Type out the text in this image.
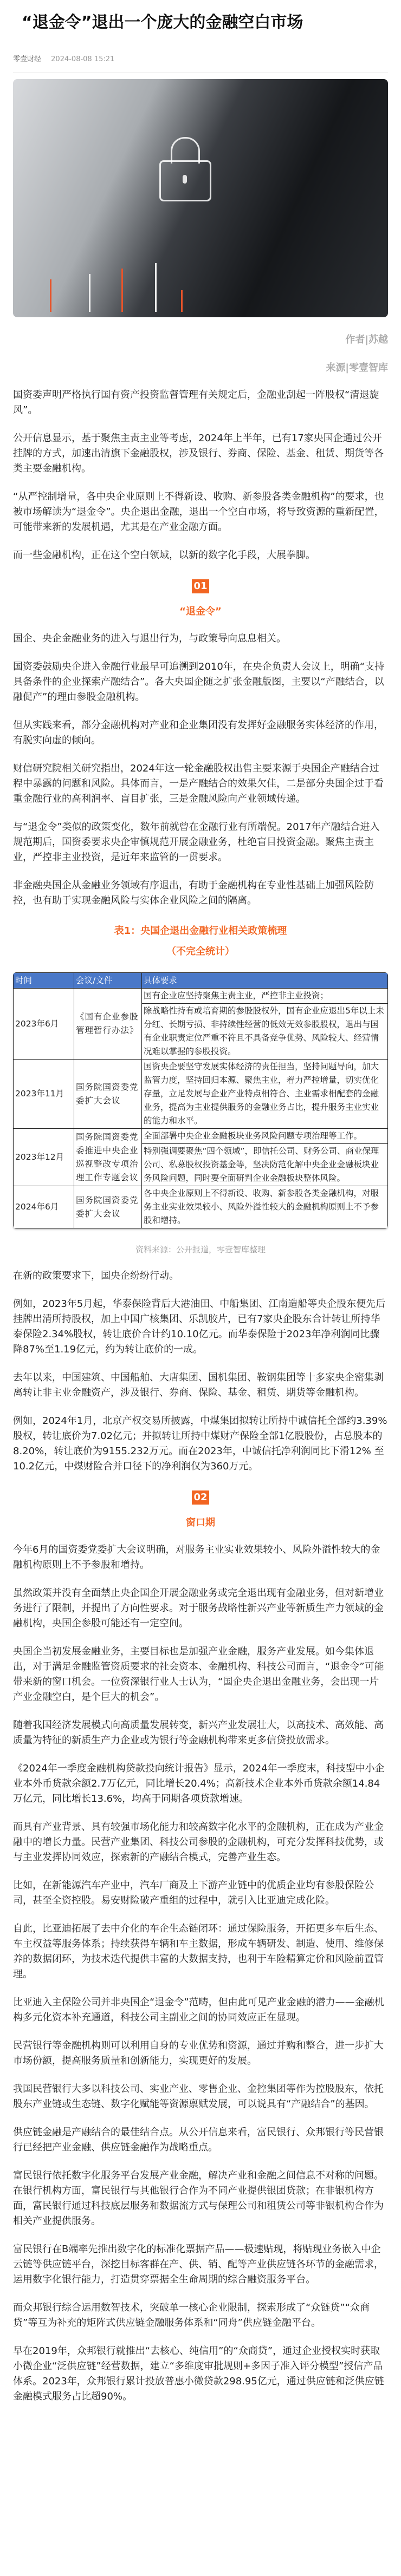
“退金令”退出一个庞大的金融空白市场
零壹财经 2024-08-08 15:21
作者|苏越
来源|零壹智库

国资委声明严格执行国有资产投资监督管理有关规定后，金融业刮起一阵股权“清退旋风”。

公开信息显示，基于聚焦主责主业等考虑，2024年上半年，已有17家央国企通过公开挂牌的方式，加速出清旗下金融股权，涉及银行、券商、保险、基金、租赁、期货等各类主要金融机构。

“从严控制增量，各中央企业原则上不得新设、收购、新参股各类金融机构”的要求，也被市场解读为“退金令”。央企退出金融，退出一个空白市场，将导致资源的重新配置，可能带来新的发展机遇，尤其是在产业金融方面。

而一些金融机构，正在这个空白领域，以新的数字化手段，大展拳脚。

01
“退金令”

国企、央企金融业务的进入与退出行为，与政策导向息息相关。

国资委鼓励央企进入金融行业最早可追溯到2010年，在央企负责人会议上，明确“支持具备条件的企业探索产融结合”。各大央国企随之扩张金融版图，主要以“产融结合，以融促产”的理由参股金融机构。

但从实践来看，部分金融机构对产业和企业集团没有发挥好金融服务实体经济的作用，有脱实向虚的倾向。

财信研究院相关研究指出，2024年这一轮金融股权出售主要来源于央国企产融结合过程中暴露的问题和风险。具体而言，一是产融结合的效果欠佳，二是部分央国企过于看重金融行业的高利润率、盲目扩张，三是金融风险向产业领域传递。

与“退金令”类似的政策变化，数年前就曾在金融行业有所端倪。2017年产融结合进入规范期后，国资委要求央企审慎规范开展金融业务，杜绝盲目投资金融。聚焦主责主业，严控非主业投资，是近年来监管的一贯要求。

非金融央国企从金融业务领域有序退出，有助于金融机构在专业性基础上加强风险防控，也有助于实现金融风险与实体企业风险之间的隔离。

表1：央国企退出金融行业相关政策梳理
（不完全统计）
时间	会议/文件	具体要求
2023年6月	《国有企业参股管理暂行办法》	国有企业应坚持聚焦主责主业，严控非主业投资；
		除战略性持有或培育期的参股股权外，国有企业应退出5年以上未分红、长期亏损、非持续性经营的低效无效参股股权，退出与国有企业职责定位严重不符且不具备竞争优势、风险较大、经营情况难以掌握的参股投资。
2023年11月	国务院国资委党委扩大会议	国资央企要坚守发展实体经济的责任担当，坚持问题导向，加大监管力度，坚持回归本源、聚焦主业，着力严控增量，切实优化存量，立足发展与企业产业特点相符合、主业需求相配套的金融业务，提高为主业提供服务的金融业务占比，提升服务主业实业的能力和水平。
2023年12月	国务院国资委党委推进中央企业巡视整改专项治理工作专题会议	全面部署中央企业金融板块业务风险问题专项治理等工作。
		特别强调要聚焦“四个领域”，即信托公司、财务公司、商业保理公司、私募股权投资基金等，坚决防范化解中央企业金融板块业务风险问题，同时要全面研判企业金融板块整体风险。
2024年6月	国务院国资委党委扩大会议	各中央企业原则上不得新设、收购、新参股各类金融机构，对服务主业实业效果较小、风险外溢性较大的金融机构原则上不予参股和增持。
资料来源：公开报道，零壹智库整理

在新的政策要求下，国央企纷纷行动。

例如，2023年5月起，华泰保险背后大港油田、中船集团、江南造船等央企股东便先后挂牌出清所持股权，加上中国广核集团、乐凯胶片，已有7家央企股东合计转让所持华泰保险2.34%股权，转让底价合计约10.10亿元。而华泰保险于2023年净利润同比骤降87%至1.19亿元，约为转让底价的一成。

去年以来，中国建筑、中国船舶、大唐集团、国机集团、鞍钢集团等十多家央企密集剥离转让非主业金融资产，涉及银行、券商、保险、基金、租赁、期货等金融机构。

例如，2024年1月，北京产权交易所披露，中煤集团拟转让所持中诚信托全部约3.39%股权，转让底价为7.02亿元；并拟转让所持中煤财产保险全部1亿股股份，占总股本的8.20%，转让底价为9155.232万元。而在2023年，中诚信托净利润同比下滑12% 至10.2亿元，中煤财险合并口径下的净利润仅为360万元。

02
窗口期

今年6月的国资委党委扩大会议明确，对服务主业实业效果较小、风险外溢性较大的金融机构原则上不予参股和增持。

虽然政策并没有全面禁止央企国企开展金融业务或完全退出现有金融业务，但对新增业务进行了限制，并提出了方向性要求。对于服务战略性新兴产业等新质生产力领域的金融机构，央国企参股可能还有一定空间。

央国企当初发展金融业务，主要目标也是加强产业金融，服务产业发展。如今集体退出，对于满足金融监管资质要求的社会资本、金融机构、科技公司而言，“退金令”可能带来新的窗口机会。一位资深银行业人士认为，“国企央企退出金融业务，会出现一片产业金融空白，是个巨大的机会”。

随着我国经济发展模式向高质量发展转变，新兴产业发展壮大，以高技术、高效能、高质量为特征的新质生产力企业或为银行等金融机构带来更多信贷投放需求。

《2024年一季度金融机构贷款投向统计报告》显示，2024年一季度末，科技型中小企业本外币贷款余额2.7万亿元，同比增长20.4%；高新技术企业本外币贷款余额14.84万亿元，同比增长13.6%，均高于同期各项贷款增速。

而具有产业背景、具有较强市场化能力和较高数字化水平的金融机构，正在成为产业金融中的增长力量。民营产业集团、科技公司参股的金融机构，可充分发挥科技优势，或与主业发挥协同效应，探索新的产融结合模式，完善产业生态。

比如，在新能源汽车产业中，汽车厂商及上下游产业链中的优质企业均有参股保险公司，甚至全资控股。易安财险破产重组的过程中，就引入比亚迪完成化险。

自此，比亚迪拓展了去中介化的车企生态链闭环：通过保险服务，开拓更多车后生态、车主权益等服务体系；持续获得车辆和车主数据，形成车辆研发、制造、使用、维修保养的数据闭环，为技术迭代提供丰富的大数据支持，也利于车险精算定价和风险前置管理。

比亚迪入主保险公司并非央国企“退金令”范畴，但由此可见产业金融的潜力——金融机构多元化资本补充通道，科技公司主副业之间的协同效应正在显现。

民营银行等金融机构则可以利用自身的专业优势和资源，通过并购和整合，进一步扩大市场份额，提高服务质量和创新能力，实现更好的发展。

我国民营银行大多以科技公司、实业产业、零售企业、金控集团等作为控股股东，依托股东产业链或生态链、数字化赋能等资源禀赋发展，可以说具有“产融结合”的基因。

供应链金融是产融结合的最佳结合点。从公开信息来看，富民银行、众邦银行等民营银行已经把产业金融、供应链金融作为战略重点。

富民银行依托数字化服务平台发展产业金融，解决产业和金融之间信息不对称的问题。在银行机构方面，富民银行与其他银行合作为不同产业提供银团贷款；在非银机构方面，富民银行通过科技底层服务和数据流方式与保理公司和租赁公司等非银机构合作为相关产业提供服务。

富民银行在B端率先推出数字化的标准化票据产品——极速贴现，将贴现业务嵌入中企云链等供应链平台，深挖目标客群在产、供、销、配等产业供应链各环节的金融需求，运用数字化银行能力，打造贯穿票据全生命周期的综合融资服务平台。

而众邦银行综合运用数智技术，突破单一核心企业限制，探索形成了“众链贷”“众商贷”等互为补充的矩阵式供应链金融服务体系和“同舟”供应链金融平台。

早在2019年，众邦银行就推出“去核心、纯信用”的“众商贷”，通过企业授权实时获取小微企业“泛供应链”经营数据，建立“多维度审批规则+多因子准入评分模型”授信产品体系。2023年，众邦银行累计投放普惠小微贷款298.95亿元，通过供应链和泛供应链金融模式服务占比超90%。
